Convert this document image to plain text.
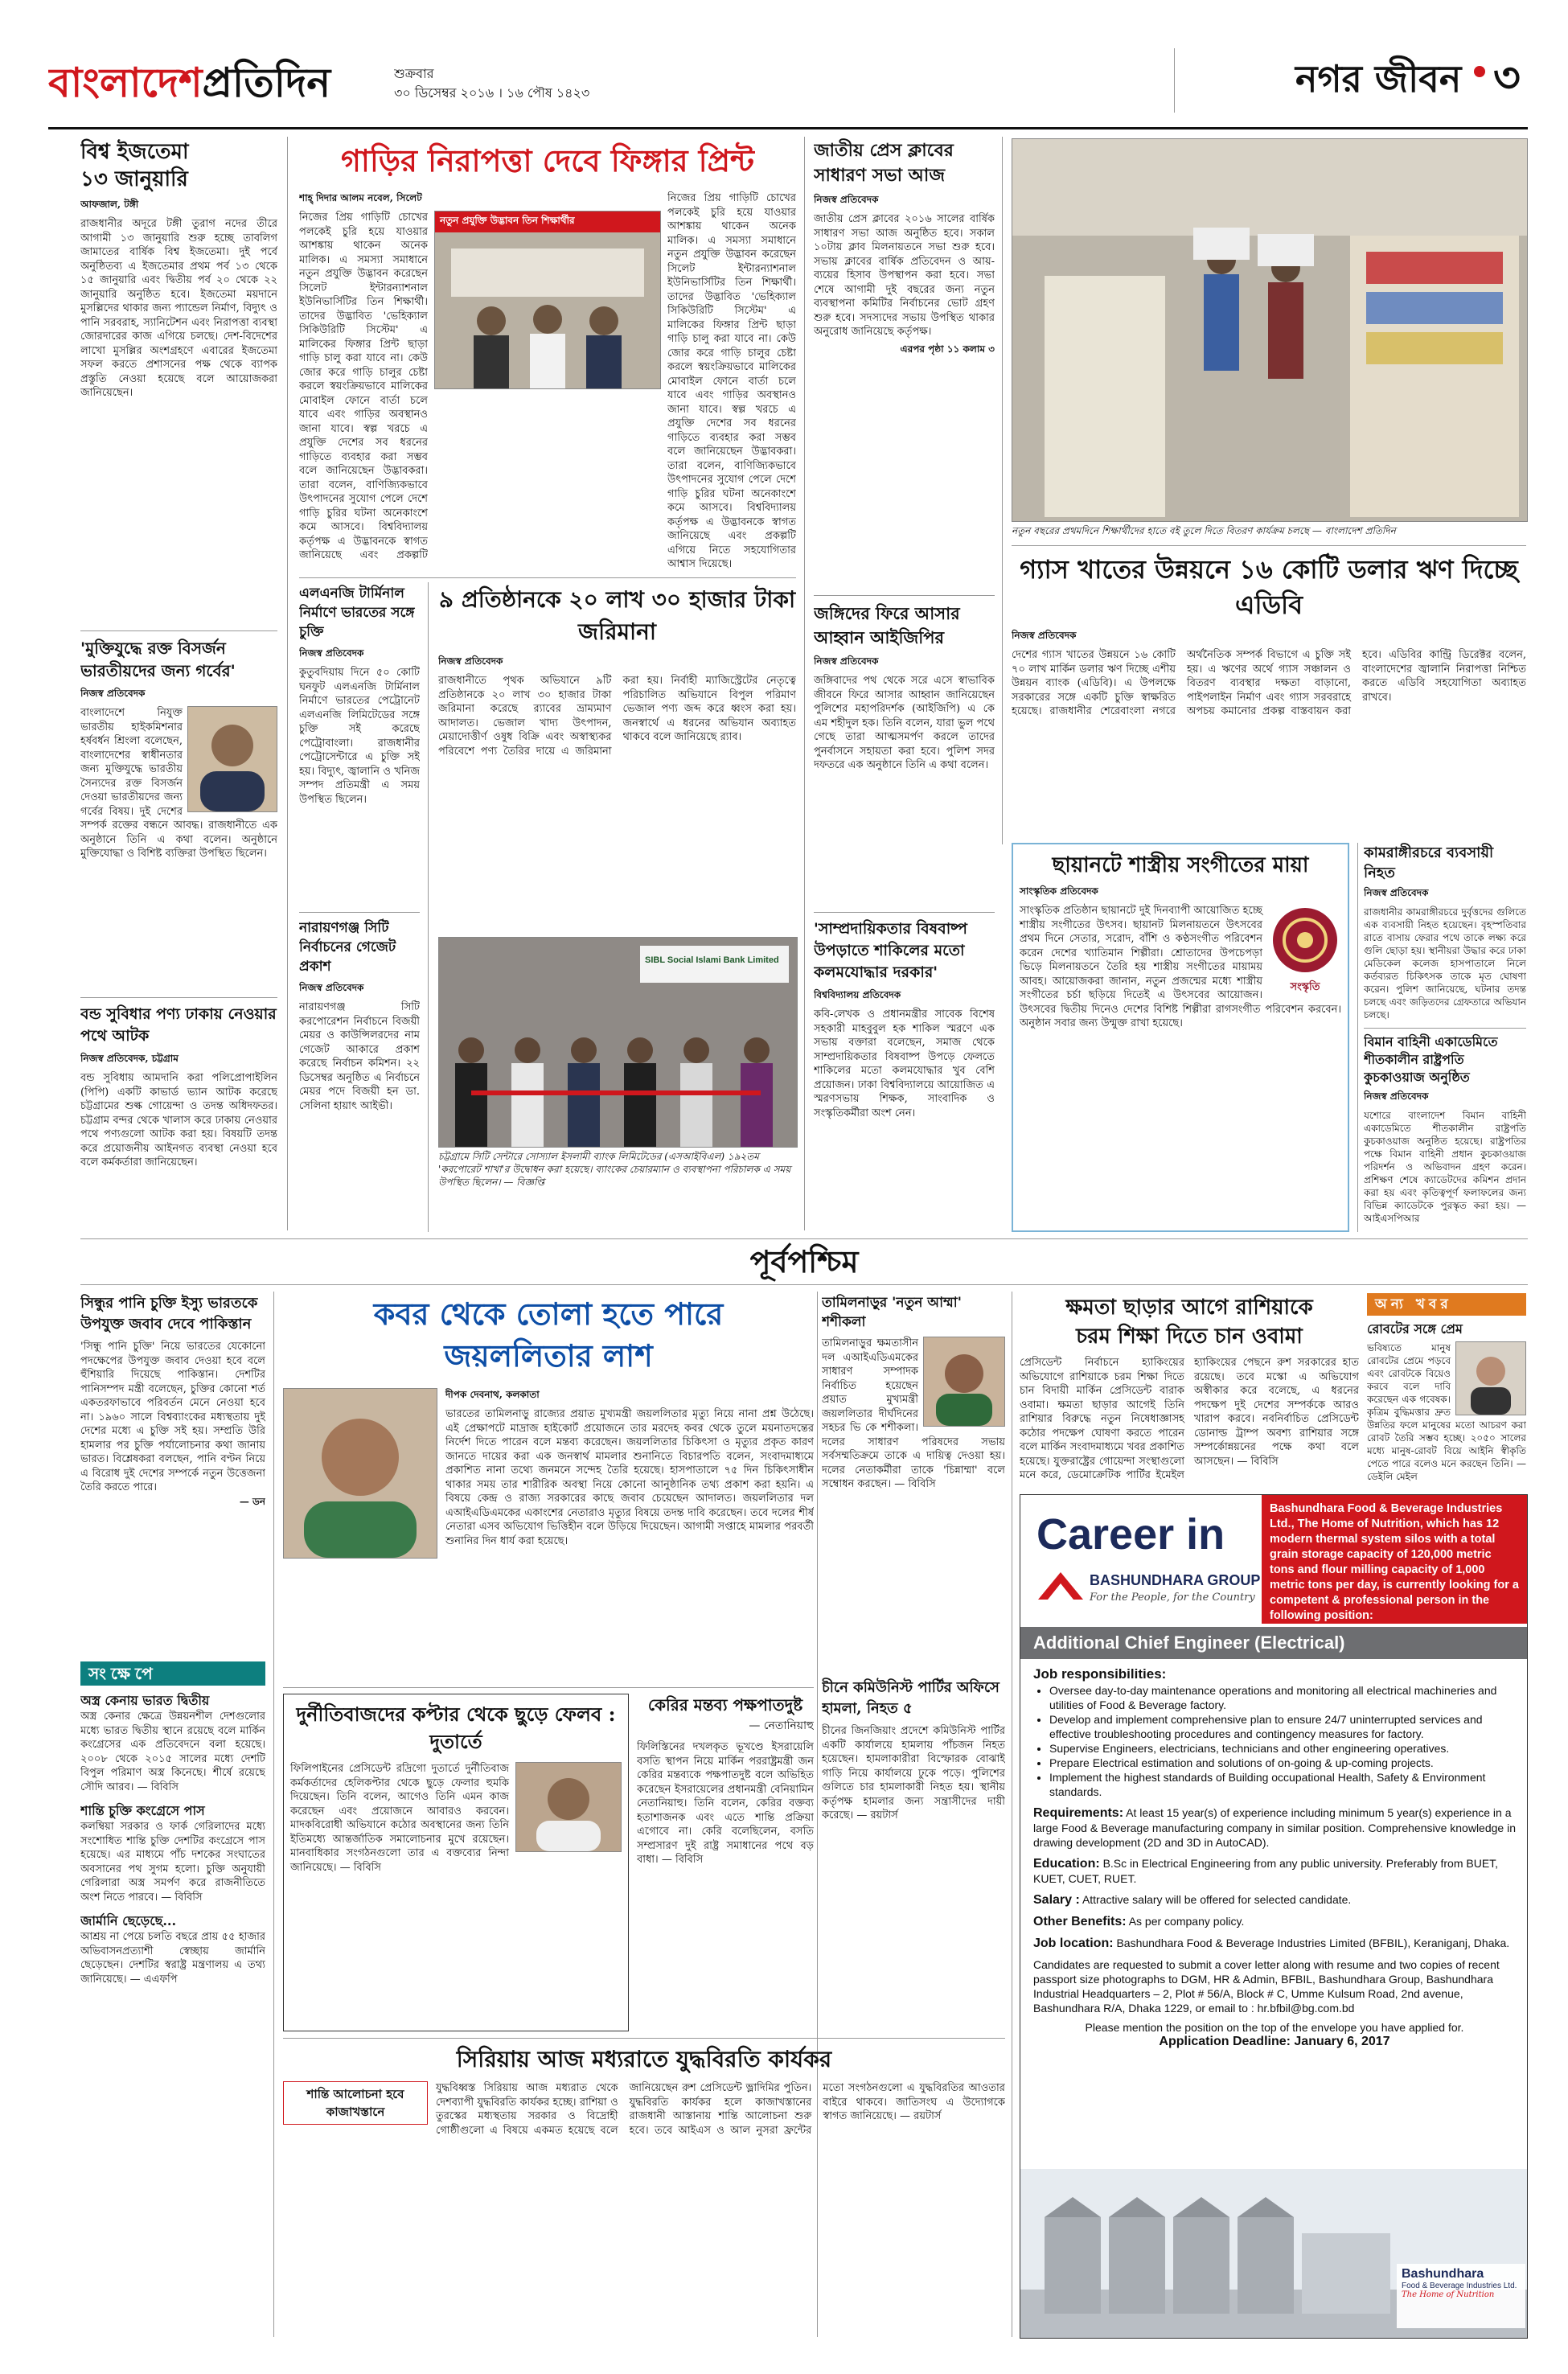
বাংলাদেশপ্রতিদিন	শুক্রবার
৩০ ডিসেম্বর ২০১৬ । ১৬ পৌষ ১৪২৩	নগর জীবন ৩
বিশ্ব ইজতেমা
১৩ জানুয়ারি
আফজাল, টঙ্গী
রাজধানীর অদূরে টঙ্গী তুরাগ নদের তীরে আগামী ১৩ জানুয়ারি শুরু হচ্ছে তাবলিগ জামাতের বার্ষিক বিশ্ব ইজতেমা। দুই পর্বে অনুষ্ঠিতব্য এ ইজতেমার প্রথম পর্ব ১৩ থেকে ১৫ জানুয়ারি এবং দ্বিতীয় পর্ব ২০ থেকে ২২ জানুয়ারি অনুষ্ঠিত হবে। ইজতেমা ময়দানে মুসল্লিদের থাকার জন্য প্যান্ডেল নির্মাণ, বিদ্যুৎ ও পানি সরবরাহ, স্যানিটেশন এবং নিরাপত্তা ব্যবস্থা জোরদারের কাজ এগিয়ে চলছে। দেশ-বিদেশের লাখো মুসল্লির অংশগ্রহণে এবারের ইজতেমা সফল করতে প্রশাসনের পক্ষ থেকে ব্যাপক প্রস্তুতি নেওয়া হয়েছে বলে আয়োজকরা জানিয়েছেন।
'মুক্তিযুদ্ধে রক্ত বিসর্জন ভারতীয়দের জন্য গর্বের'
নিজস্ব প্রতিবেদক
বাংলাদেশে নিযুক্ত ভারতীয় হাইকমিশনার হর্ষবর্ধন শ্রিংলা বলেছেন, বাংলাদেশের স্বাধীনতার জন্য মুক্তিযুদ্ধে ভারতীয় সৈন্যদের রক্ত বিসর্জন দেওয়া ভারতীয়দের জন্য গর্বের বিষয়। দুই দেশের সম্পর্ক রক্তের বন্ধনে আবদ্ধ। রাজধানীতে এক অনুষ্ঠানে তিনি এ কথা বলেন। অনুষ্ঠানে মুক্তিযোদ্ধা ও বিশিষ্ট ব্যক্তিরা উপস্থিত ছিলেন।
বন্ড সুবিধার পণ্য ঢাকায় নেওয়ার পথে আটক
নিজস্ব প্রতিবেদক, চট্টগ্রাম
বন্ড সুবিধায় আমদানি করা পলিপ্রোপাইলিন (পিপি) একটি কাভার্ড ভ্যান আটক করেছে চট্টগ্রামের শুল্ক গোয়েন্দা ও তদন্ত অধিদফতর। চট্টগ্রাম বন্দর থেকে খালাস করে ঢাকায় নেওয়ার পথে পণ্যগুলো আটক করা হয়। বিষয়টি তদন্ত করে প্রয়োজনীয় আইনগত ব্যবস্থা নেওয়া হবে বলে কর্মকর্তারা জানিয়েছেন।
গাড়ির নিরাপত্তা দেবে ফিঙ্গার প্রিন্ট
শাহ্ দিদার আলম নবেল, সিলেট
নতুন প্রযুক্তি উদ্ভাবন তিন শিক্ষার্থীর
নিজের প্রিয় গাড়িটি চোখের পলকেই চুরি হয়ে যাওয়ার আশঙ্কায় থাকেন অনেক মালিক। এ সমস্যা সমাধানে নতুন প্রযুক্তি উদ্ভাবন করেছেন সিলেট ইন্টারন্যাশনাল ইউনিভার্সিটির তিন শিক্ষার্থী। তাদের উদ্ভাবিত 'ভেহিক্যাল সিকিউরিটি সিস্টেম' এ মালিকের ফিঙ্গার প্রিন্ট ছাড়া গাড়ি চালু করা যাবে না। কেউ জোর করে গাড়ি চালুর চেষ্টা করলে স্বয়ংক্রিয়ভাবে মালিকের মোবাইল ফোনে বার্তা চলে যাবে এবং গাড়ির অবস্থানও জানা যাবে। স্বল্প খরচে এ প্রযুক্তি দেশের সব ধরনের গাড়িতে ব্যবহার করা সম্ভব বলে জানিয়েছেন উদ্ভাবকরা। তারা বলেন, বাণিজ্যিকভাবে উৎপাদনের সুযোগ পেলে দেশে গাড়ি চুরির ঘটনা অনেকাংশে কমে আসবে। বিশ্ববিদ্যালয় কর্তৃপক্ষ এ উদ্ভাবনকে স্বাগত জানিয়েছে এবং প্রকল্পটি
নিজের প্রিয় গাড়িটি চোখের পলকেই চুরি হয়ে যাওয়ার আশঙ্কায় থাকেন অনেক মালিক। এ সমস্যা সমাধানে নতুন প্রযুক্তি উদ্ভাবন করেছেন সিলেট ইন্টারন্যাশনাল ইউনিভার্সিটির তিন শিক্ষার্থী। তাদের উদ্ভাবিত 'ভেহিক্যাল সিকিউরিটি সিস্টেম' এ মালিকের ফিঙ্গার প্রিন্ট ছাড়া গাড়ি চালু করা যাবে না। কেউ জোর করে গাড়ি চালুর চেষ্টা করলে স্বয়ংক্রিয়ভাবে মালিকের মোবাইল ফোনে বার্তা চলে যাবে এবং গাড়ির অবস্থানও জানা যাবে। স্বল্প খরচে এ প্রযুক্তি দেশের সব ধরনের গাড়িতে ব্যবহার করা সম্ভব বলে জানিয়েছেন উদ্ভাবকরা। তারা বলেন, বাণিজ্যিকভাবে উৎপাদনের সুযোগ পেলে দেশে গাড়ি চুরির ঘটনা অনেকাংশে কমে আসবে। বিশ্ববিদ্যালয় কর্তৃপক্ষ এ উদ্ভাবনকে স্বাগত জানিয়েছে এবং প্রকল্পটি এগিয়ে নিতে সহযোগিতার আশ্বাস দিয়েছে।
এলএনজি টার্মিনাল নির্মাণে ভারতের সঙ্গে চুক্তি
নিজস্ব প্রতিবেদক
কুতুবদিয়ায় দিনে ৫০ কোটি ঘনফুট এলএনজি টার্মিনাল নির্মাণে ভারতের পেট্রোনেট এলএনজি লিমিটেডের সঙ্গে চুক্তি সই করেছে পেট্রোবাংলা। রাজধানীর পেট্রোসেন্টারে এ চুক্তি সই হয়। বিদ্যুৎ, জ্বালানি ও খনিজ সম্পদ প্রতিমন্ত্রী এ সময় উপস্থিত ছিলেন।
নারায়ণগঞ্জ সিটি নির্বাচনের গেজেট প্রকাশ
নিজস্ব প্রতিবেদক
নারায়ণগঞ্জ সিটি করপোরেশন নির্বাচনে বিজয়ী মেয়র ও কাউন্সিলরদের নাম গেজেট আকারে প্রকাশ করেছে নির্বাচন কমিশন। ২২ ডিসেম্বর অনুষ্ঠিত এ নির্বাচনে মেয়র পদে বিজয়ী হন ডা. সেলিনা হায়াৎ আইভী।
৯ প্রতিষ্ঠানকে ২০ লাখ ৩০ হাজার টাকা জরিমানা
নিজস্ব প্রতিবেদক
রাজধানীতে পৃথক অভিযানে ৯টি প্রতিষ্ঠানকে ২০ লাখ ৩০ হাজার টাকা জরিমানা করেছে র‍্যাবের ভ্রাম্যমাণ আদালত। ভেজাল খাদ্য উৎপাদন, মেয়াদোত্তীর্ণ ওষুধ বিক্রি এবং অস্বাস্থ্যকর পরিবেশে পণ্য তৈরির দায়ে এ জরিমানা করা হয়। নির্বাহী ম্যাজিস্ট্রেটের নেতৃত্বে পরিচালিত অভিযানে বিপুল পরিমাণ ভেজাল পণ্য জব্দ করে ধ্বংস করা হয়। জনস্বার্থে এ ধরনের অভিযান অব্যাহত থাকবে বলে জানিয়েছে র‍্যাব।
SIBL Social Islami Bank Limited
চট্টগ্রামে সিটি সেন্টারে সোস্যাল ইসলামী ব্যাংক লিমিটেডের (এসআইবিএল) ১৯২তম 'করপোরেট শাখা'র উদ্বোধন করা হয়েছে। ব্যাংকের চেয়ারম্যান ও ব্যবস্থাপনা পরিচালক এ সময় উপস্থিত ছিলেন। — বিজ্ঞপ্তি
জাতীয় প্রেস ক্লাবের সাধারণ সভা আজ
নিজস্ব প্রতিবেদক
জাতীয় প্রেস ক্লাবের ২০১৬ সালের বার্ষিক সাধারণ সভা আজ অনুষ্ঠিত হবে। সকাল ১০টায় ক্লাব মিলনায়তনে সভা শুরু হবে। সভায় ক্লাবের বার্ষিক প্রতিবেদন ও আয়-ব্যয়ের হিসাব উপস্থাপন করা হবে। সভা শেষে আগামী দুই বছরের জন্য নতুন ব্যবস্থাপনা কমিটির নির্বাচনের ভোট গ্রহণ শুরু হবে। সদস্যদের সভায় উপস্থিত থাকার অনুরোধ জানিয়েছে কর্তৃপক্ষ।
এরপর পৃষ্ঠা ১১ কলাম ৩
জঙ্গিদের ফিরে আসার আহ্বান আইজিপির
নিজস্ব প্রতিবেদক
জঙ্গিবাদের পথ থেকে সরে এসে স্বাভাবিক জীবনে ফিরে আসার আহ্বান জানিয়েছেন পুলিশের মহাপরিদর্শক (আইজিপি) এ কে এম শহীদুল হক। তিনি বলেন, যারা ভুল পথে গেছে তারা আত্মসমর্পণ করলে তাদের পুনর্বাসনে সহায়তা করা হবে। পুলিশ সদর দফতরে এক অনুষ্ঠানে তিনি এ কথা বলেন।
'সাম্প্রদায়িকতার বিষবাষ্প উপড়াতে শাকিলের মতো কলমযোদ্ধার দরকার'
বিশ্ববিদ্যালয় প্রতিবেদক
কবি-লেখক ও প্রধানমন্ত্রীর সাবেক বিশেষ সহকারী মাহবুবুল হক শাকিল স্মরণে এক সভায় বক্তারা বলেছেন, সমাজ থেকে সাম্প্রদায়িকতার বিষবাষ্প উপড়ে ফেলতে শাকিলের মতো কলমযোদ্ধার খুব বেশি প্রয়োজন। ঢাকা বিশ্ববিদ্যালয়ে আয়োজিত এ স্মরণসভায় শিক্ষক, সাংবাদিক ও সংস্কৃতিকর্মীরা অংশ নেন।
নতুন বছরের প্রথমদিনে শিক্ষার্থীদের হাতে বই তুলে দিতে বিতরণ কার্যক্রম চলছে — বাংলাদেশ প্রতিদিন
গ্যাস খাতের উন্নয়নে ১৬ কোটি ডলার ঋণ দিচ্ছে এডিবি
নিজস্ব প্রতিবেদক
দেশের গ্যাস খাতের উন্নয়নে ১৬ কোটি ৭০ লাখ মার্কিন ডলার ঋণ দিচ্ছে এশীয় উন্নয়ন ব্যাংক (এডিবি)। এ উপলক্ষে সরকারের সঙ্গে একটি চুক্তি স্বাক্ষরিত হয়েছে। রাজধানীর শেরেবাংলা নগরে অর্থনৈতিক সম্পর্ক বিভাগে এ চুক্তি সই হয়। এ ঋণের অর্থে গ্যাস সঞ্চালন ও বিতরণ ব্যবস্থার দক্ষতা বাড়ানো, পাইপলাইন নির্মাণ এবং গ্যাস সরবরাহে অপচয় কমানোর প্রকল্প বাস্তবায়ন করা হবে। এডিবির কান্ট্রি ডিরেক্টর বলেন, বাংলাদেশের জ্বালানি নিরাপত্তা নিশ্চিত করতে এডিবি সহযোগিতা অব্যাহত রাখবে।
ছায়ানটে শাস্ত্রীয় সংগীতের মায়া
সাংস্কৃতিক প্রতিবেদক
সংস্কৃতি
সাংস্কৃতিক প্রতিষ্ঠান ছায়ানটে দুই দিনব্যাপী আয়োজিত হচ্ছে শাস্ত্রীয় সংগীতের উৎসব। ছায়ানট মিলনায়তনে উৎসবের প্রথম দিনে সেতার, সরোদ, বাঁশি ও কণ্ঠসংগীত পরিবেশন করেন দেশের খ্যাতিমান শিল্পীরা। শ্রোতাদের উপচেপড়া ভিড়ে মিলনায়তনে তৈরি হয় শাস্ত্রীয় সংগীতের মায়াময় আবহ। আয়োজকরা জানান, নতুন প্রজন্মের মধ্যে শাস্ত্রীয় সংগীতের চর্চা ছড়িয়ে দিতেই এ উৎসবের আয়োজন। উৎসবের দ্বিতীয় দিনেও দেশের বিশিষ্ট শিল্পীরা রাগসংগীত পরিবেশন করবেন। অনুষ্ঠান সবার জন্য উন্মুক্ত রাখা হয়েছে।
পূর্বপশ্চিম
সিন্ধুর পানি চুক্তি ইস্যু ভারতকে উপযুক্ত জবাব দেবে পাকিস্তান
'সিন্ধু পানি চুক্তি' নিয়ে ভারতের যেকোনো পদক্ষেপের উপযুক্ত জবাব দেওয়া হবে বলে হুঁশিয়ারি দিয়েছে পাকিস্তান। দেশটির পানিসম্পদ মন্ত্রী বলেছেন, চুক্তির কোনো শর্ত একতরফাভাবে পরিবর্তন মেনে নেওয়া হবে না। ১৯৬০ সালে বিশ্বব্যাংকের মধ্যস্থতায় দুই দেশের মধ্যে এ চুক্তি সই হয়। সম্প্রতি উরি হামলার পর চুক্তি পর্যালোচনার কথা জানায় ভারত। বিশ্লেষকরা বলছেন, পানি বণ্টন নিয়ে এ বিরোধ দুই দেশের সম্পর্কে নতুন উত্তেজনা তৈরি করতে পারে।
— ডন
সংক্ষেপে
অস্ত্র কেনায় ভারত দ্বিতীয়
অস্ত্র কেনার ক্ষেত্রে উন্নয়নশীল দেশগুলোর মধ্যে ভারত দ্বিতীয় স্থানে রয়েছে বলে মার্কিন কংগ্রেসের এক প্রতিবেদনে বলা হয়েছে। ২০০৮ থেকে ২০১৫ সালের মধ্যে দেশটি বিপুল পরিমাণ অস্ত্র কিনেছে। শীর্ষে রয়েছে সৌদি আরব। — বিবিসি
শান্তি চুক্তি কংগ্রেসে পাস
কলম্বিয়া সরকার ও ফার্ক গেরিলাদের মধ্যে সংশোধিত শান্তি চুক্তি দেশটির কংগ্রেসে পাস হয়েছে। এর মাধ্যমে পাঁচ দশকের সংঘাতের অবসানের পথ সুগম হলো। চুক্তি অনুযায়ী গেরিলারা অস্ত্র সমর্পণ করে রাজনীতিতে অংশ নিতে পারবে। — বিবিসি
জার্মানি ছেড়েছে...
আশ্রয় না পেয়ে চলতি বছরে প্রায় ৫৫ হাজার অভিবাসনপ্রত্যাশী স্বেচ্ছায় জার্মানি ছেড়েছেন। দেশটির স্বরাষ্ট্র মন্ত্রণালয় এ তথ্য জানিয়েছে। — এএফপি
কবর থেকে তোলা হতে পারে
জয়ললিতার লাশ
দীপক দেবনাথ, কলকাতা
ভারতের তামিলনাড়ু রাজ্যের প্রয়াত মুখ্যমন্ত্রী জয়ললিতার মৃত্যু নিয়ে নানা প্রশ্ন উঠেছে। এই প্রেক্ষাপটে মাদ্রাজ হাইকোর্ট প্রয়োজনে তার মরদেহ কবর থেকে তুলে ময়নাতদন্তের নির্দেশ দিতে পারেন বলে মন্তব্য করেছেন। জয়ললিতার চিকিৎসা ও মৃত্যুর প্রকৃত কারণ জানতে দায়ের করা এক জনস্বার্থ মামলার শুনানিতে বিচারপতি বলেন, সংবাদমাধ্যমে প্রকাশিত নানা তথ্যে জনমনে সন্দেহ তৈরি হয়েছে। হাসপাতালে ৭৫ দিন চিকিৎসাধীন থাকার সময় তার শারীরিক অবস্থা নিয়ে কোনো আনুষ্ঠানিক তথ্য প্রকাশ করা হয়নি। এ বিষয়ে কেন্দ্র ও রাজ্য সরকারের কাছে জবাব চেয়েছেন আদালত। জয়ললিতার দল এআইএডিএমকের একাংশের নেতারাও মৃত্যুর বিষয়ে তদন্ত দাবি করেছেন। তবে দলের শীর্ষ নেতারা এসব অভিযোগ ভিত্তিহীন বলে উড়িয়ে দিয়েছেন। আগামী সপ্তাহে মামলার পরবর্তী শুনানির দিন ধার্য করা হয়েছে।
দুর্নীতিবাজদের কপ্টার থেকে ছুড়ে ফেলব : দুতার্তে
ফিলিপাইনের প্রেসিডেন্ট রদ্রিগো দুতার্তে দুর্নীতিবাজ কর্মকর্তাদের হেলিকপ্টার থেকে ছুড়ে ফেলার হুমকি দিয়েছেন। তিনি বলেন, আগেও তিনি এমন কাজ করেছেন এবং প্রয়োজনে আবারও করবেন। মাদকবিরোধী অভিযানে কঠোর অবস্থানের জন্য তিনি ইতিমধ্যে আন্তর্জাতিক সমালোচনার মুখে রয়েছেন। মানবাধিকার সংগঠনগুলো তার এ বক্তব্যের নিন্দা জানিয়েছে। — বিবিসি
তামিলনাড়ুর 'নতুন আম্মা' শশীকলা
তামিলনাড়ুর ক্ষমতাসীন দল এআইএডিএমকের সাধারণ সম্পাদক নির্বাচিত হয়েছেন প্রয়াত মুখ্যমন্ত্রী জয়ললিতার দীর্ঘদিনের সহচর ভি কে শশীকলা। দলের সাধারণ পরিষদের সভায় সর্বসম্মতিক্রমে তাকে এ দায়িত্ব দেওয়া হয়। দলের নেতাকর্মীরা তাকে 'চিন্নাম্মা' বলে সম্বোধন করছেন। — বিবিসি
কেরির মন্তব্য পক্ষপাতদুষ্ট
— নেতানিয়াহু
ফিলিস্তিনের দখলকৃত ভূখণ্ডে ইসরায়েলি বসতি স্থাপন নিয়ে মার্কিন পররাষ্ট্রমন্ত্রী জন কেরির মন্তব্যকে পক্ষপাতদুষ্ট বলে অভিহিত করেছেন ইসরায়েলের প্রধানমন্ত্রী বেনিয়ামিন নেতানিয়াহু। তিনি বলেন, কেরির বক্তব্য হতাশাজনক এবং এতে শান্তি প্রক্রিয়া এগোবে না। কেরি বলেছিলেন, বসতি সম্প্রসারণ দুই রাষ্ট্র সমাধানের পথে বড় বাধা। — বিবিসি
চীনে কমিউনিস্ট পার্টির অফিসে হামলা, নিহত ৫
চীনের জিনজিয়াং প্রদেশে কমিউনিস্ট পার্টির একটি কার্যালয়ে হামলায় পাঁচজন নিহত হয়েছেন। হামলাকারীরা বিস্ফোরক বোঝাই গাড়ি নিয়ে কার্যালয়ে ঢুকে পড়ে। পুলিশের গুলিতে চার হামলাকারী নিহত হয়। স্থানীয় কর্তৃপক্ষ হামলার জন্য সন্ত্রাসীদের দায়ী করেছে। — রয়টার্স
সিরিয়ায় আজ মধ্যরাতে যুদ্ধবিরতি কার্যকর
শান্তি আলোচনা হবে কাজাখস্তানে
যুদ্ধবিধ্বস্ত সিরিয়ায় আজ মধ্যরাত থেকে দেশব্যাপী যুদ্ধবিরতি কার্যকর হচ্ছে। রাশিয়া ও তুরস্কের মধ্যস্থতায় সরকার ও বিদ্রোহী গোষ্ঠীগুলো এ বিষয়ে একমত হয়েছে বলে জানিয়েছেন রুশ প্রেসিডেন্ট ভ্লাদিমির পুতিন। যুদ্ধবিরতি কার্যকর হলে কাজাখস্তানের রাজধানী আস্তানায় শান্তি আলোচনা শুরু হবে। তবে আইএস ও আল নুসরা ফ্রন্টের মতো সংগঠনগুলো এ যুদ্ধবিরতির আওতার বাইরে থাকবে। জাতিসংঘ এ উদ্যোগকে স্বাগত জানিয়েছে। — রয়টার্স
ক্ষমতা ছাড়ার আগে রাশিয়াকে
চরম শিক্ষা দিতে চান ওবামা
প্রেসিডেন্ট নির্বাচনে হ্যাকিংয়ের অভিযোগে রাশিয়াকে চরম শিক্ষা দিতে চান বিদায়ী মার্কিন প্রেসিডেন্ট বারাক ওবামা। ক্ষমতা ছাড়ার আগেই তিনি রাশিয়ার বিরুদ্ধে নতুন নিষেধাজ্ঞাসহ কঠোর পদক্ষেপ ঘোষণা করতে পারেন বলে মার্কিন সংবাদমাধ্যমে খবর প্রকাশিত হয়েছে। যুক্তরাষ্ট্রের গোয়েন্দা সংস্থাগুলো মনে করে, ডেমোক্রেটিক পার্টির ইমেইল হ্যাকিংয়ের পেছনে রুশ সরকারের হাত রয়েছে। তবে মস্কো এ অভিযোগ অস্বীকার করে বলেছে, এ ধরনের পদক্ষেপ দুই দেশের সম্পর্ককে আরও খারাপ করবে। নবনির্বাচিত প্রেসিডেন্ট ডোনাল্ড ট্রাম্প অবশ্য রাশিয়ার সঙ্গে সম্পর্কোন্নয়নের পক্ষে কথা বলে আসছেন। — বিবিসি
অন্য খবর
রোবটের সঙ্গে প্রেম
ভবিষ্যতে মানুষ রোবটের প্রেমে পড়বে এবং রোবটকে বিয়েও করবে বলে দাবি করেছেন এক গবেষক। কৃত্রিম বুদ্ধিমত্তার দ্রুত উন্নতির ফলে মানুষের মতো আচরণ করা রোবট তৈরি সম্ভব হচ্ছে। ২০৫০ সালের মধ্যে মানুষ-রোবট বিয়ে আইনি স্বীকৃতি পেতে পারে বলেও মনে করছেন তিনি। — ডেইলি মেইল
Career in
BASHUNDHARA GROUP
For the People, for the Country
Bashundhara Food & Beverage Industries Ltd., The Home of Nutrition, which has 12 modern thermal system silos with a total grain storage capacity of 120,000 metric tons and flour milling capacity of 1,000 metric tons per day, is currently looking for a competent & professional person in the following position:
Additional Chief Engineer (Electrical)
Job responsibilities:
• Oversee day-to-day maintenance operations and monitoring all electrical machineries and utilities of Food & Beverage factory.
• Develop and implement comprehensive plan to ensure 24/7 uninterrupted services and effective troubleshooting procedures and contingency measures for factory.
• Supervise Engineers, electricians, technicians and other engineering operatives.
• Prepare Electrical estimation and solutions of on-going & up-coming projects.
• Implement the highest standards of Building occupational Health, Safety & Environment standards.
Requirements: At least 15 year(s) of experience including minimum 5 year(s) experience in a large Food & Beverage manufacturing company in similar position. Comprehensive knowledge in drawing development (2D and 3D in AutoCAD).
Education: B.Sc in Electrical Engineering from any public university. Preferably from BUET, KUET, CUET, RUET.
Salary : Attractive salary will be offered for selected candidate.
Other Benefits: As per company policy.
Job location: Bashundhara Food & Beverage Industries Limited (BFBIL), Keraniganj, Dhaka.
Candidates are requested to submit a cover letter along with resume and two copies of recent passport size photographs to DGM, HR & Admin, BFBIL, Bashundhara Group, Bashundhara Industrial Headquarters – 2, Plot # 56/A, Block # C, Umme Kulsum Road, 2nd avenue, Bashundhara R/A, Dhaka 1229, or email to : hr.bfbil@bg.com.bd
Please mention the position on the top of the envelope you have applied for.
Application Deadline: January 6, 2017
Bashundhara
Food & Beverage Industries Ltd.
The Home of Nutrition
কামরাঙ্গীরচরে ব্যবসায়ী নিহত
নিজস্ব প্রতিবেদক
রাজধানীর কামরাঙ্গীরচরে দুর্বৃত্তদের গুলিতে এক ব্যবসায়ী নিহত হয়েছেন। বৃহস্পতিবার রাতে বাসায় ফেরার পথে তাকে লক্ষ্য করে গুলি ছোড়া হয়। স্থানীয়রা উদ্ধার করে ঢাকা মেডিকেল কলেজ হাসপাতালে নিলে কর্তব্যরত চিকিৎসক তাকে মৃত ঘোষণা করেন। পুলিশ জানিয়েছে, ঘটনার তদন্ত চলছে এবং জড়িতদের গ্রেফতারে অভিযান চলছে।
বিমান বাহিনী একাডেমিতে শীতকালীন রাষ্ট্রপতি কুচকাওয়াজ অনুষ্ঠিত
নিজস্ব প্রতিবেদক
যশোরে বাংলাদেশ বিমান বাহিনী একাডেমিতে শীতকালীন রাষ্ট্রপতি কুচকাওয়াজ অনুষ্ঠিত হয়েছে। রাষ্ট্রপতির পক্ষে বিমান বাহিনী প্রধান কুচকাওয়াজ পরিদর্শন ও অভিবাদন গ্রহণ করেন। প্রশিক্ষণ শেষে ক্যাডেটদের কমিশন প্রদান করা হয় এবং কৃতিত্বপূর্ণ ফলাফলের জন্য বিভিন্ন ক্যাডেটকে পুরস্কৃত করা হয়। — আইএসপিআর
